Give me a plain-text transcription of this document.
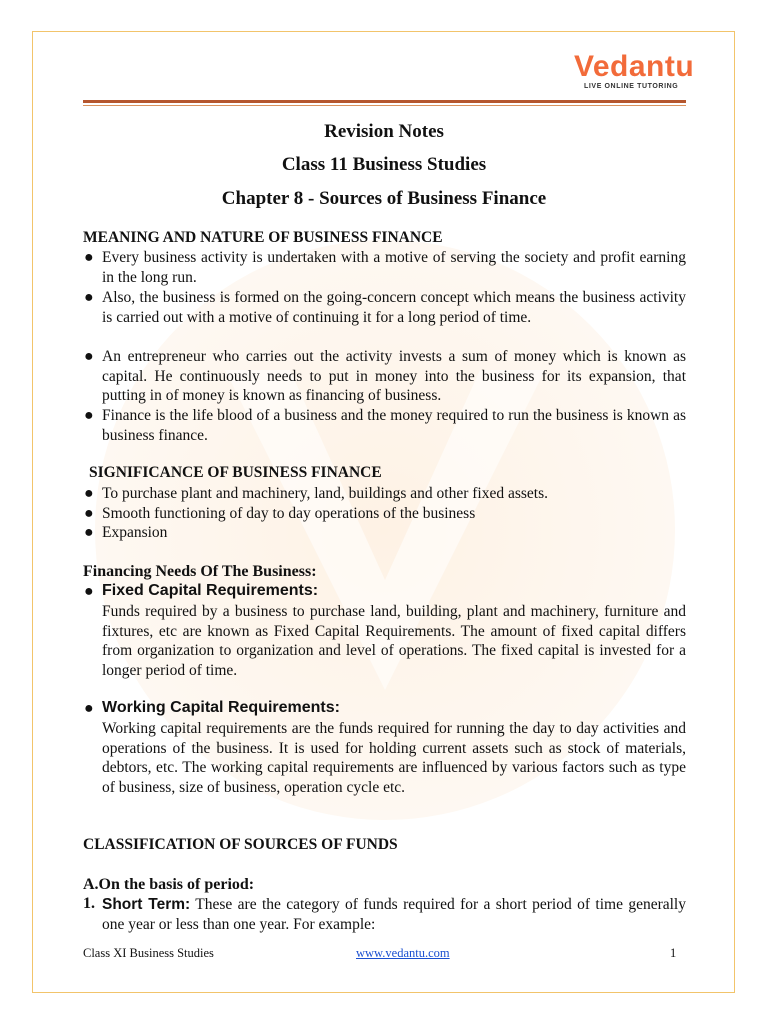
Vedantu
LIVE ONLINE TUTORING
Revision Notes
Class 11 Business Studies
Chapter 8 - Sources of Business Finance
MEANING AND NATURE OF BUSINESS FINANCE
● Every business activity is undertaken with a motive of serving the society and profit earning in the long run.
● Also, the business is formed on the going-concern concept which means the business activity is carried out with a motive of continuing it for a long period of time.
● An entrepreneur who carries out the activity invests a sum of money which is known as capital. He continuously needs to put in money into the business for its expansion, that putting in of money is known as financing of business.
● Finance is the life blood of a business and the money required to run the business is known as business finance.
SIGNIFICANCE OF BUSINESS FINANCE
● To purchase plant and machinery, land, buildings and other fixed assets.
● Smooth functioning of day to day operations of the business
● Expansion
Financing Needs Of The Business:
● Fixed Capital Requirements:
Funds required by a business to purchase land, building, plant and machinery, furniture and fixtures, etc are known as Fixed Capital Requirements. The amount of fixed capital differs from organization to organization and level of operations. The fixed capital is invested for a longer period of time.
● Working Capital Requirements:
Working capital requirements are the funds required for running the day to day activities and operations of the business. It is used for holding current assets such as stock of materials, debtors, etc. The working capital requirements are influenced by various factors such as type of business, size of business, operation cycle etc.
CLASSIFICATION OF SOURCES OF FUNDS
A.On the basis of period:
1. Short Term: These are the category of funds required for a short period of time generally one year or less than one year. For example:
Class XI Business Studies	www.vedantu.com	1
